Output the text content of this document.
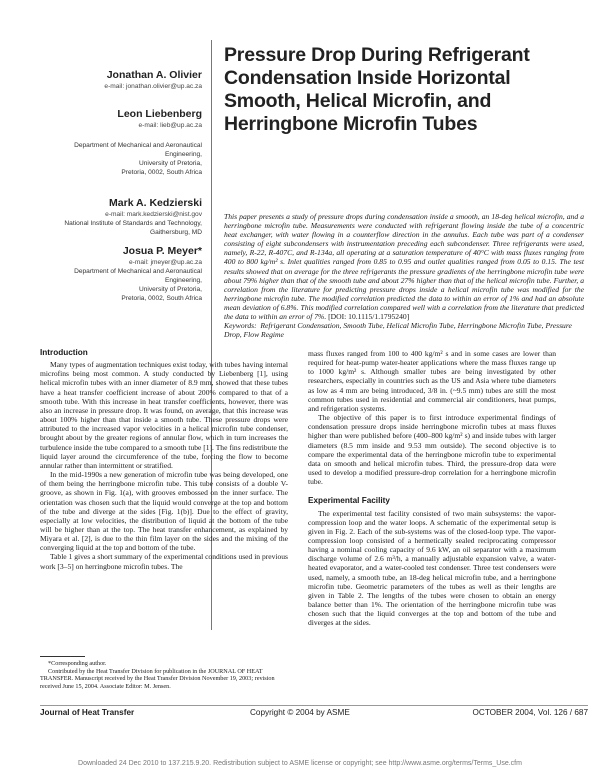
Pressure Drop During Refrigerant Condensation Inside Horizontal Smooth, Helical Microfin, and Herringbone Microfin Tubes
Jonathan A. Olivier
e-mail: jonathan.olivier@up.ac.za
Leon Liebenberg
e-mail: lieb@up.ac.za
Department of Mechanical and Aeronautical
Engineering,
University of Pretoria,
Pretoria, 0002, South Africa
Mark A. Kedzierski
e-mail: mark.kedzierski@nist.gov
National Institute of Standards and Technology,
Gaithersburg, MD
Josua P. Meyer*
e-mail: jmeyer@up.ac.za
Department of Mechanical and Aeronautical
Engineering,
University of Pretoria,
Pretoria, 0002, South Africa
This paper presents a study of pressure drops during condensation inside a smooth, an 18-deg helical microfin, and a herringbone microfin tube. Measurements were conducted with refrigerant flowing inside the tube of a concentric heat exchanger, with water flowing in a counterflow direction in the annulus. Each tube was part of a condenser consisting of eight subcondensers with instrumentation preceding each subcondenser. Three refrigerants were used, namely, R-22, R-407C, and R-134a, all operating at a saturation temperature of 40°C with mass fluxes ranging from 400 to 800 kg/m² s. Inlet qualities ranged from 0.85 to 0.95 and outlet qualities ranged from 0.05 to 0.15. The test results showed that on average for the three refrigerants the pressure gradients of the herringbone microfin tube were about 79% higher than that of the smooth tube and about 27% higher than that of the helical microfin tube. Further, a correlation from the literature for predicting pressure drops inside a helical microfin tube was modified for the herringbone microfin tube. The modified correlation predicted the data to within an error of 1% and had an absolute mean deviation of 6.8%. This modified correlation compared well with a correlation from the literature that predicted the data to within an error of 7%. [DOI: 10.1115/1.1795240]
Keywords: Refrigerant Condensation, Smooth Tube, Helical Microfin Tube, Herringbone Microfin Tube, Pressure Drop, Flow Regime
Introduction

Many types of augmentation techniques exist today, with tubes having internal microfins being most common. A study conducted by Liebenberg [1], using helical microfin tubes with an inner diameter of 8.9 mm, showed that these tubes have a heat transfer coefficient increase of about 200% compared to that of a smooth tube. With this increase in heat transfer coefficients, however, there was also an increase in pressure drop. It was found, on average, that this increase was about 100% higher than that inside a smooth tube. These pressure drops were attributed to the increased vapor velocities in a helical microfin tube condenser, brought about by the greater regions of annular flow, which in turn increases the turbulence inside the tube compared to a smooth tube [1]. The fins redistribute the liquid layer around the circumference of the tube, forcing the flow to become annular rather than intermittent or stratified.

In the mid-1990s a new generation of microfin tube was being developed, one of them being the herringbone microfin tube. This tube consists of a double V-groove, as shown in Fig. 1(a), with grooves embossed on the inner surface. The orientation was chosen such that the liquid would converge at the top and bottom of the tube and diverge at the sides [Fig. 1(b)]. Due to the effect of gravity, especially at low velocities, the distribution of liquid at the bottom of the tube will be higher than at the top. The heat transfer enhancement, as explained by Miyara et al. [2], is due to the thin film layer on the sides and the mixing of the converging liquid at the top and bottom of the tube.

Table 1 gives a short summary of the experimental conditions used in previous work [3–5] on herringbone microfin tubes. The

*Corresponding author.

Contributed by the Heat Transfer Division for publication in the JOURNAL OF HEAT TRANSFER. Manuscript received by the Heat Transfer Division November 19, 2003; revision received June 15, 2004. Associate Editor: M. Jensen.

mass fluxes ranged from 100 to 400 kg/m² s and in some cases are lower than required for heat-pump water-heater applications where the mass fluxes range up to 1000 kg/m² s. Although smaller tubes are being investigated by other researchers, especially in countries such as the US and Asia where tube diameters as low as 4 mm are being introduced, 3/8 in. (~9.5 mm) tubes are still the most common tubes used in residential and commercial air conditioners, heat pumps, and refrigeration systems.

The objective of this paper is to first introduce experimental findings of condensation pressure drops inside herringbone microfin tubes at mass fluxes higher than were published before (400–800 kg/m² s) and inside tubes with larger diameters (8.5 mm inside and 9.53 mm outside). The second objective is to compare the experimental data of the herringbone microfin tube to experimental data on smooth and helical microfin tubes. Third, the pressure-drop data were used to develop a modified pressure-drop correlation for a herringbone microfin tube.

Experimental Facility

The experimental test facility consisted of two main subsystems: the vapor-compression loop and the water loops. A schematic of the experimental setup is given in Fig. 2. Each of the sub-systems was of the closed-loop type. The vapor-compression loop consisted of a hermetically sealed reciprocating compressor having a nominal cooling capacity of 9.6 kW, an oil separator with a maximum discharge volume of 2.6 m³/h, a manually adjustable expansion valve, a water-heated evaporator, and a water-cooled test condenser. Three test condensers were used, namely, a smooth tube, an 18-deg helical microfin tube, and a herringbone microfin tube. Geometric parameters of the tubes as well as their lengths are given in Table 2. The lengths of the tubes were chosen to obtain an energy balance better than 1%. The orientation of the herringbone microfin tube was chosen such that the liquid converges at the top and bottom of the tube and diverges at the sides.

Journal of Heat Transfer	Copyright © 2004 by ASME	OCTOBER 2004, Vol. 126 / 687
Downloaded 24 Dec 2010 to 137.215.9.20. Redistribution subject to ASME license or copyright; see http://www.asme.org/terms/Terms_Use.cfm
